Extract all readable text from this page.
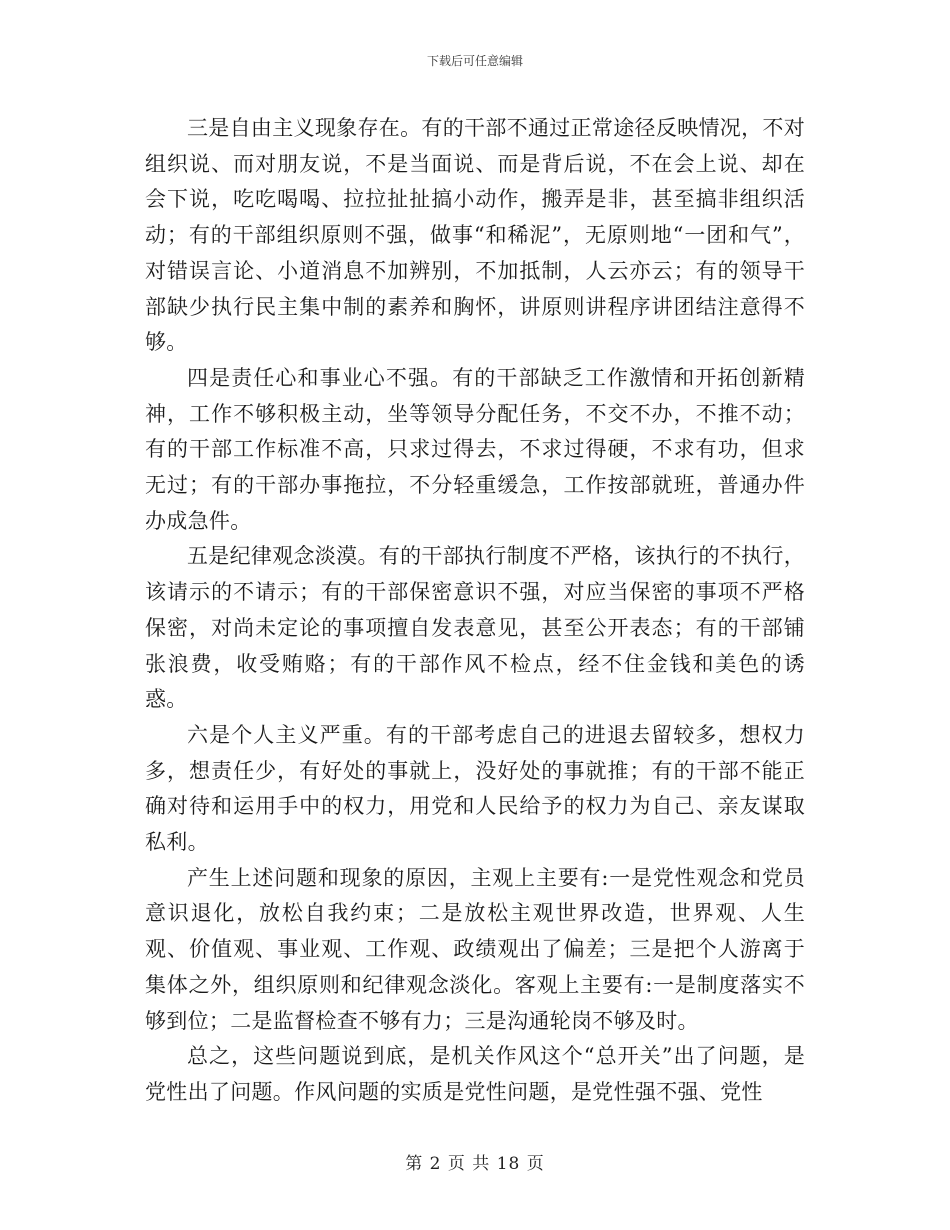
下载后可任意编辑

三是自由主义现象存在。有的干部不通过正常途径反映情况，不对组织说、而对朋友说，不是当面说、而是背后说，不在会上说、却在会下说，吃吃喝喝、拉拉扯扯搞小动作，搬弄是非，甚至搞非组织活动；有的干部组织原则不强，做事“和稀泥”，无原则地“一团和气”，对错误言论、小道消息不加辨别，不加抵制，人云亦云；有的领导干部缺少执行民主集中制的素养和胸怀，讲原则讲程序讲团结注意得不够。

四是责任心和事业心不强。有的干部缺乏工作激情和开拓创新精神，工作不够积极主动，坐等领导分配任务，不交不办，不推不动；有的干部工作标准不高，只求过得去，不求过得硬，不求有功，但求无过；有的干部办事拖拉，不分轻重缓急，工作按部就班，普通办件办成急件。

五是纪律观念淡漠。有的干部执行制度不严格，该执行的不执行，该请示的不请示；有的干部保密意识不强，对应当保密的事项不严格保密，对尚未定论的事项擅自发表意见，甚至公开表态；有的干部铺张浪费，收受贿赂；有的干部作风不检点，经不住金钱和美色的诱惑。

六是个人主义严重。有的干部考虑自己的进退去留较多，想权力多，想责任少，有好处的事就上，没好处的事就推；有的干部不能正确对待和运用手中的权力，用党和人民给予的权力为自己、亲友谋取私利。

产生上述问题和现象的原因，主观上主要有:一是党性观念和党员意识退化，放松自我约束；二是放松主观世界改造，世界观、人生观、价值观、事业观、工作观、政绩观出了偏差；三是把个人游离于集体之外，组织原则和纪律观念淡化。客观上主要有:一是制度落实不够到位；二是监督检查不够有力；三是沟通轮岗不够及时。

总之，这些问题说到底，是机关作风这个“总开关”出了问题，是党性出了问题。作风问题的实质是党性问题，是党性强不强、党性

第 2 页 共 18 页
